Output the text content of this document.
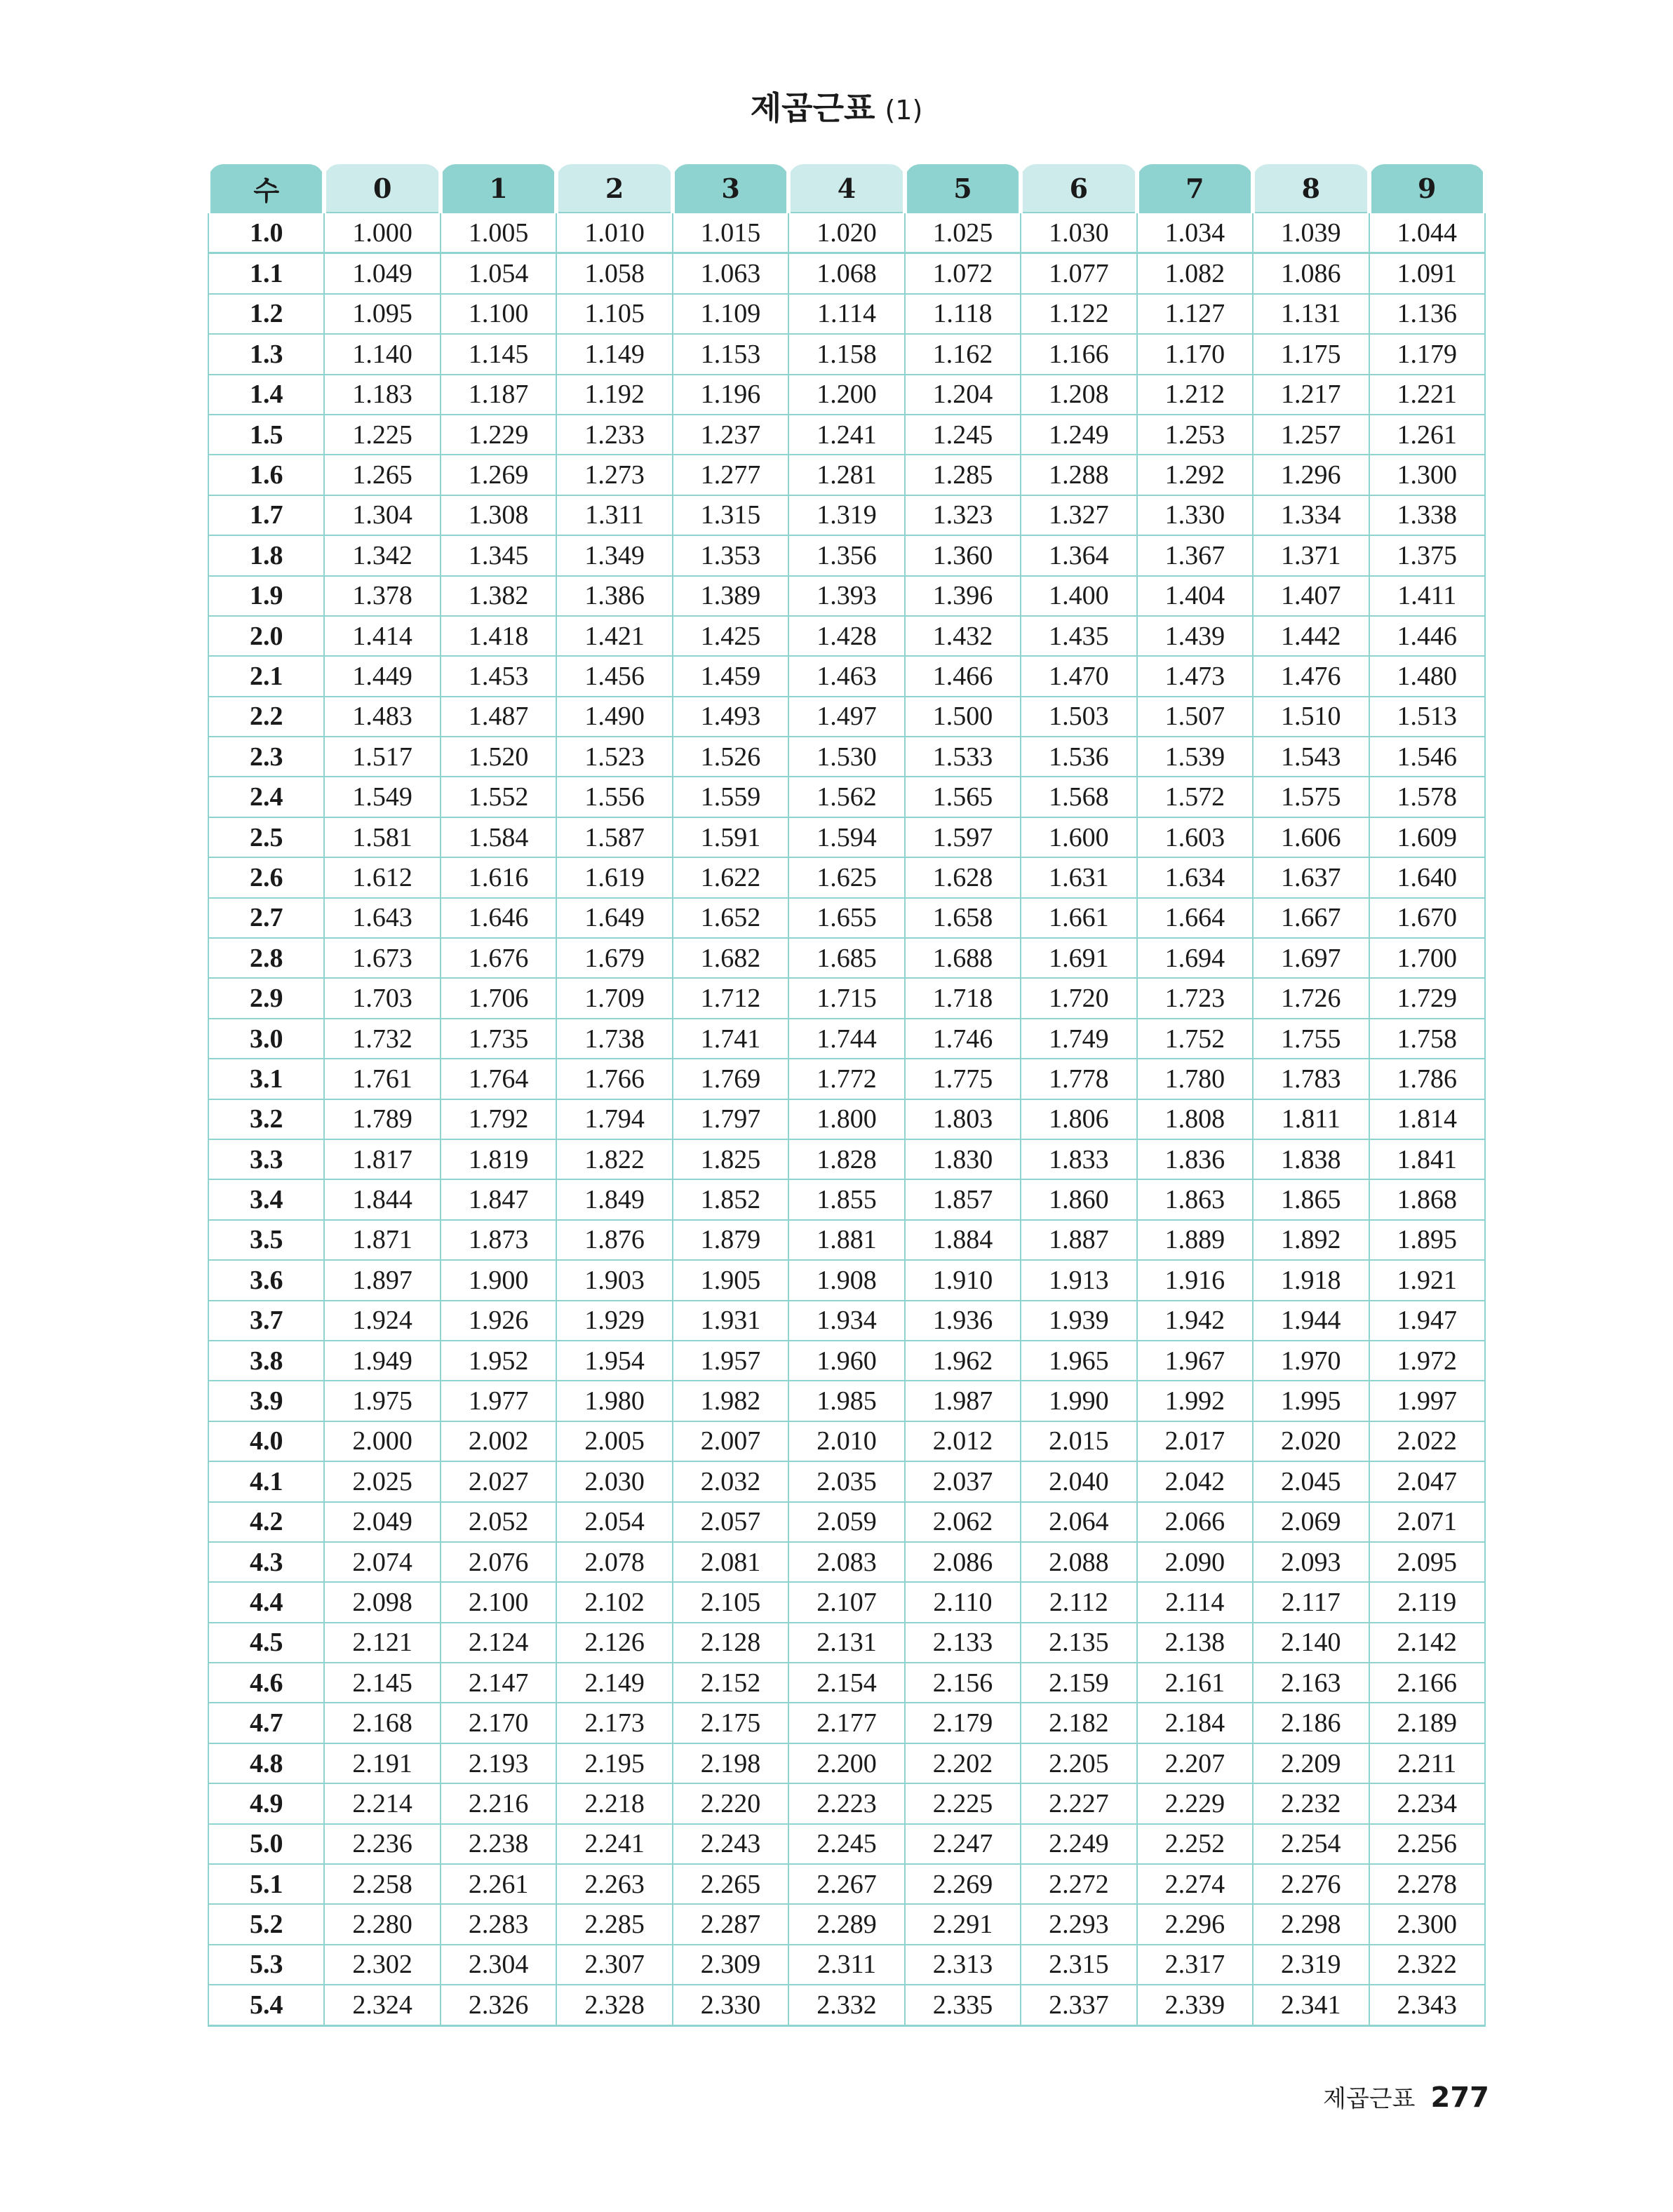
제곱근표 (1)
수	0	1	2	3	4	5	6	7	8	9
1.0	1.000	1.005	1.010	1.015	1.020	1.025	1.030	1.034	1.039	1.044
1.1	1.049	1.054	1.058	1.063	1.068	1.072	1.077	1.082	1.086	1.091
1.2	1.095	1.100	1.105	1.109	1.114	1.118	1.122	1.127	1.131	1.136
1.3	1.140	1.145	1.149	1.153	1.158	1.162	1.166	1.170	1.175	1.179
1.4	1.183	1.187	1.192	1.196	1.200	1.204	1.208	1.212	1.217	1.221
1.5	1.225	1.229	1.233	1.237	1.241	1.245	1.249	1.253	1.257	1.261
1.6	1.265	1.269	1.273	1.277	1.281	1.285	1.288	1.292	1.296	1.300
1.7	1.304	1.308	1.311	1.315	1.319	1.323	1.327	1.330	1.334	1.338
1.8	1.342	1.345	1.349	1.353	1.356	1.360	1.364	1.367	1.371	1.375
1.9	1.378	1.382	1.386	1.389	1.393	1.396	1.400	1.404	1.407	1.411
2.0	1.414	1.418	1.421	1.425	1.428	1.432	1.435	1.439	1.442	1.446
2.1	1.449	1.453	1.456	1.459	1.463	1.466	1.470	1.473	1.476	1.480
2.2	1.483	1.487	1.490	1.493	1.497	1.500	1.503	1.507	1.510	1.513
2.3	1.517	1.520	1.523	1.526	1.530	1.533	1.536	1.539	1.543	1.546
2.4	1.549	1.552	1.556	1.559	1.562	1.565	1.568	1.572	1.575	1.578
2.5	1.581	1.584	1.587	1.591	1.594	1.597	1.600	1.603	1.606	1.609
2.6	1.612	1.616	1.619	1.622	1.625	1.628	1.631	1.634	1.637	1.640
2.7	1.643	1.646	1.649	1.652	1.655	1.658	1.661	1.664	1.667	1.670
2.8	1.673	1.676	1.679	1.682	1.685	1.688	1.691	1.694	1.697	1.700
2.9	1.703	1.706	1.709	1.712	1.715	1.718	1.720	1.723	1.726	1.729
3.0	1.732	1.735	1.738	1.741	1.744	1.746	1.749	1.752	1.755	1.758
3.1	1.761	1.764	1.766	1.769	1.772	1.775	1.778	1.780	1.783	1.786
3.2	1.789	1.792	1.794	1.797	1.800	1.803	1.806	1.808	1.811	1.814
3.3	1.817	1.819	1.822	1.825	1.828	1.830	1.833	1.836	1.838	1.841
3.4	1.844	1.847	1.849	1.852	1.855	1.857	1.860	1.863	1.865	1.868
3.5	1.871	1.873	1.876	1.879	1.881	1.884	1.887	1.889	1.892	1.895
3.6	1.897	1.900	1.903	1.905	1.908	1.910	1.913	1.916	1.918	1.921
3.7	1.924	1.926	1.929	1.931	1.934	1.936	1.939	1.942	1.944	1.947
3.8	1.949	1.952	1.954	1.957	1.960	1.962	1.965	1.967	1.970	1.972
3.9	1.975	1.977	1.980	1.982	1.985	1.987	1.990	1.992	1.995	1.997
4.0	2.000	2.002	2.005	2.007	2.010	2.012	2.015	2.017	2.020	2.022
4.1	2.025	2.027	2.030	2.032	2.035	2.037	2.040	2.042	2.045	2.047
4.2	2.049	2.052	2.054	2.057	2.059	2.062	2.064	2.066	2.069	2.071
4.3	2.074	2.076	2.078	2.081	2.083	2.086	2.088	2.090	2.093	2.095
4.4	2.098	2.100	2.102	2.105	2.107	2.110	2.112	2.114	2.117	2.119
4.5	2.121	2.124	2.126	2.128	2.131	2.133	2.135	2.138	2.140	2.142
4.6	2.145	2.147	2.149	2.152	2.154	2.156	2.159	2.161	2.163	2.166
4.7	2.168	2.170	2.173	2.175	2.177	2.179	2.182	2.184	2.186	2.189
4.8	2.191	2.193	2.195	2.198	2.200	2.202	2.205	2.207	2.209	2.211
4.9	2.214	2.216	2.218	2.220	2.223	2.225	2.227	2.229	2.232	2.234
5.0	2.236	2.238	2.241	2.243	2.245	2.247	2.249	2.252	2.254	2.256
5.1	2.258	2.261	2.263	2.265	2.267	2.269	2.272	2.274	2.276	2.278
5.2	2.280	2.283	2.285	2.287	2.289	2.291	2.293	2.296	2.298	2.300
5.3	2.302	2.304	2.307	2.309	2.311	2.313	2.315	2.317	2.319	2.322
5.4	2.324	2.326	2.328	2.330	2.332	2.335	2.337	2.339	2.341	2.343
제곱근표 277
